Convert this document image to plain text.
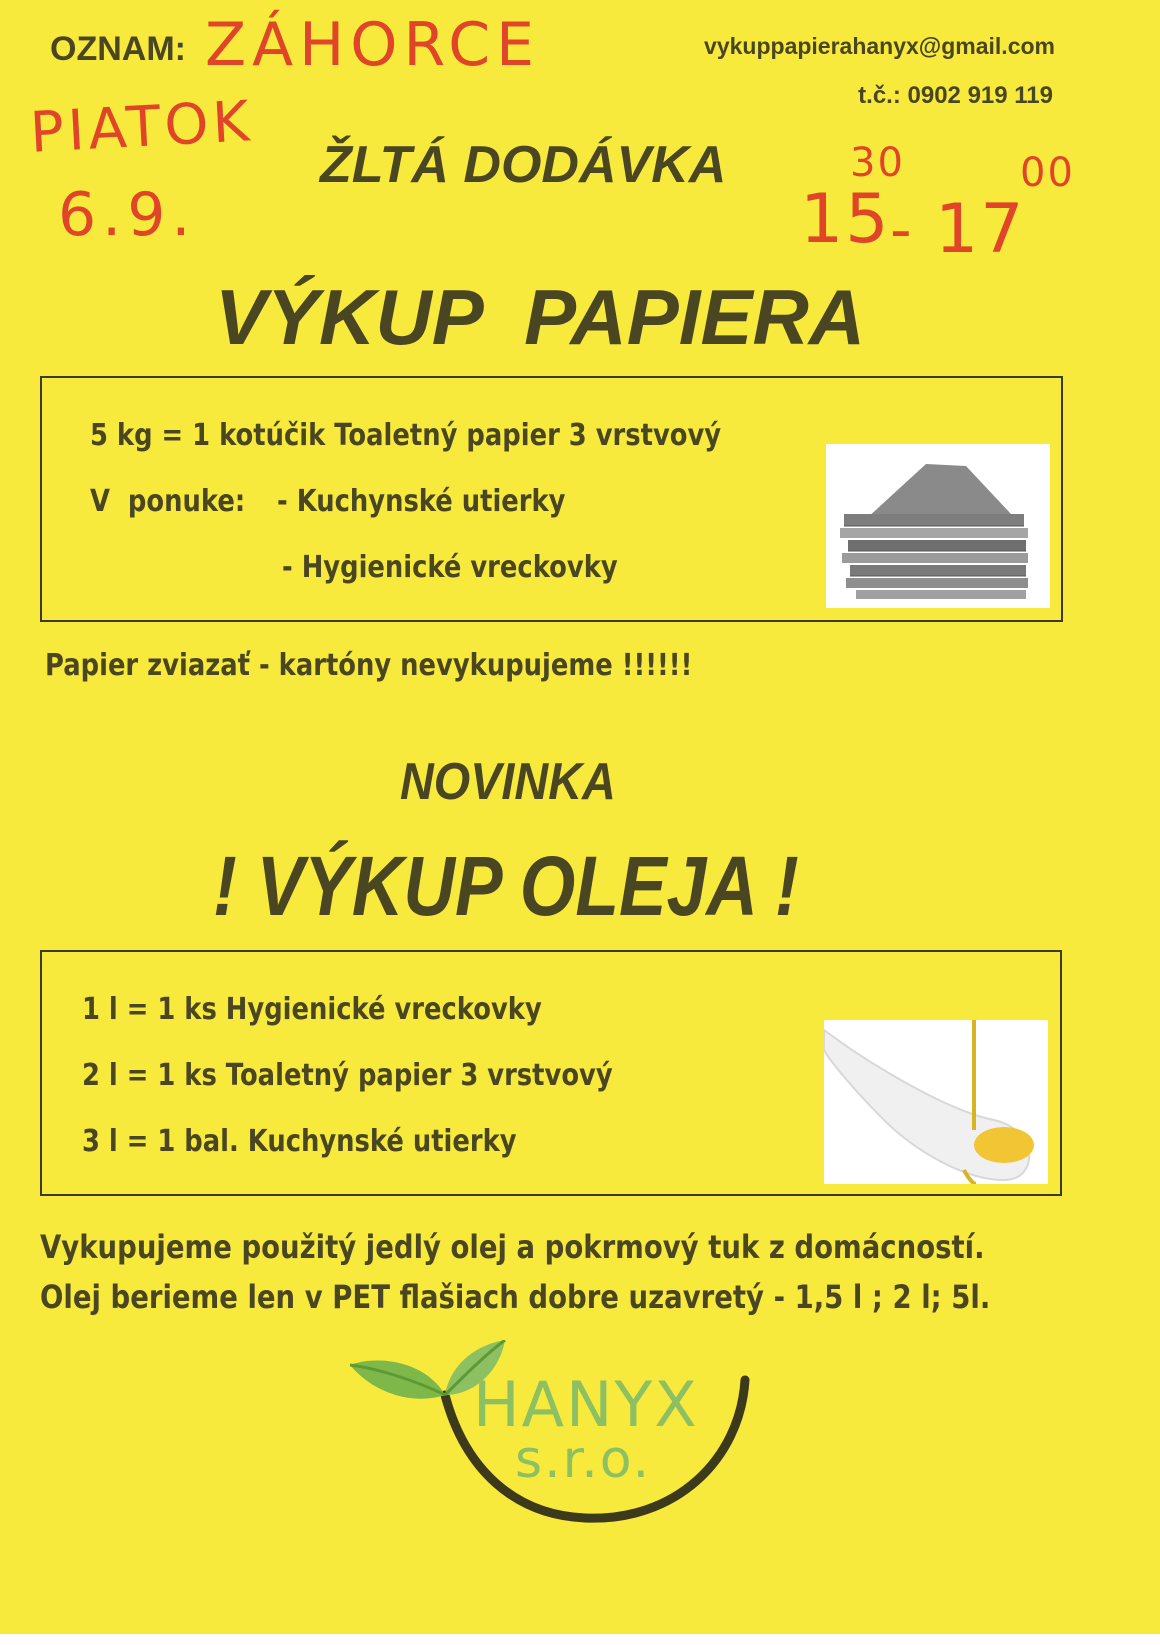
OZNAM: ZÁHORCE	vykuppapierahanyx@gmail.com
t.č.: 0902 919 119
PIATOK
6.9.
ŽLTÁ DODÁVKA
15
30
- 17
00
VÝKUP  PAPIERA
5 kg = 1 kotúčik Toaletný papier 3 vrstvový
V  ponuke: - Kuchynské utierky
- Hygienické vreckovky
Papier zviazať - kartóny nevykupujeme !!!!!!
NOVINKA
! VÝKUP OLEJA !
1 l = 1 ks Hygienické vreckovky
2 l = 1 ks Toaletný papier 3 vrstvový
3 l = 1 bal. Kuchynské utierky
Vykupujeme použitý jedlý olej a pokrmový tuk z domácností.
Olej berieme len v PET flašiach dobre uzavretý - 1,5 l ; 2 l; 5l.
HANYX
s.r.o.
